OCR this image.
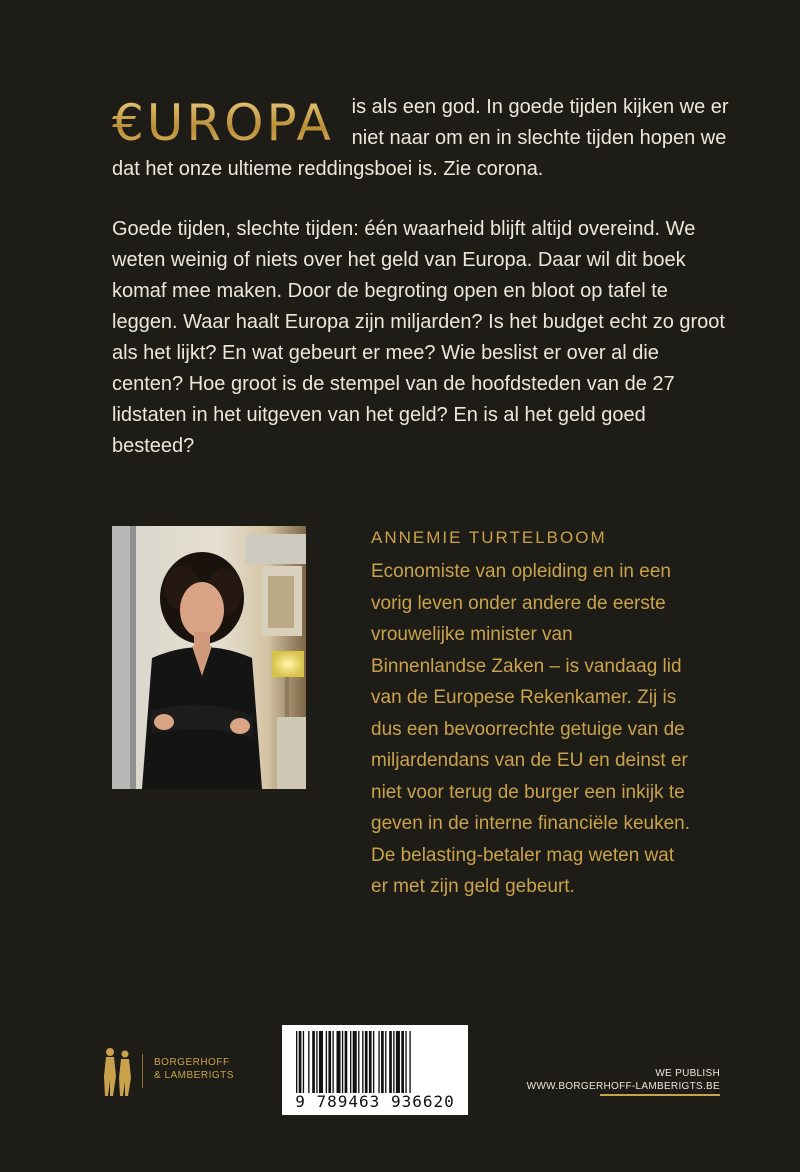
€UROPA is als een god. In goede tijden kijken we er niet naar om en in slechte tijden hopen we dat het onze ultieme reddingsboei is. Zie corona.

Goede tijden, slechte tijden: één waarheid blijft altijd overeind. We weten weinig of niets over het geld van Europa. Daar wil dit boek komaf mee maken. Door de begroting open en bloot op tafel te leggen. Waar haalt Europa zijn miljarden? Is het budget echt zo groot als het lijkt? En wat gebeurt er mee? Wie beslist er over al die centen? Hoe groot is de stempel van de hoofdsteden van de 27 lidstaten in het uitgeven van het geld? En is al het geld goed besteed?

ANNEMIE TURTELBOOM

Economiste van opleiding en in een vorig leven onder andere de eerste vrouwelijke minister van Binnenlandse Zaken – is vandaag lid van de Europese Rekenkamer. Zij is dus een bevoorrechte getuige van de miljardendans van de EU en deinst er niet voor terug de burger een inkijk te geven in de interne financiële keuken. De belasting-betaler mag weten wat er met zijn geld gebeurt.

BORGERHOFF
& LAMBERIGTS
9 789463 936620
WE PUBLISH
WWW.BORGERHOFF-LAMBERIGTS.BE
